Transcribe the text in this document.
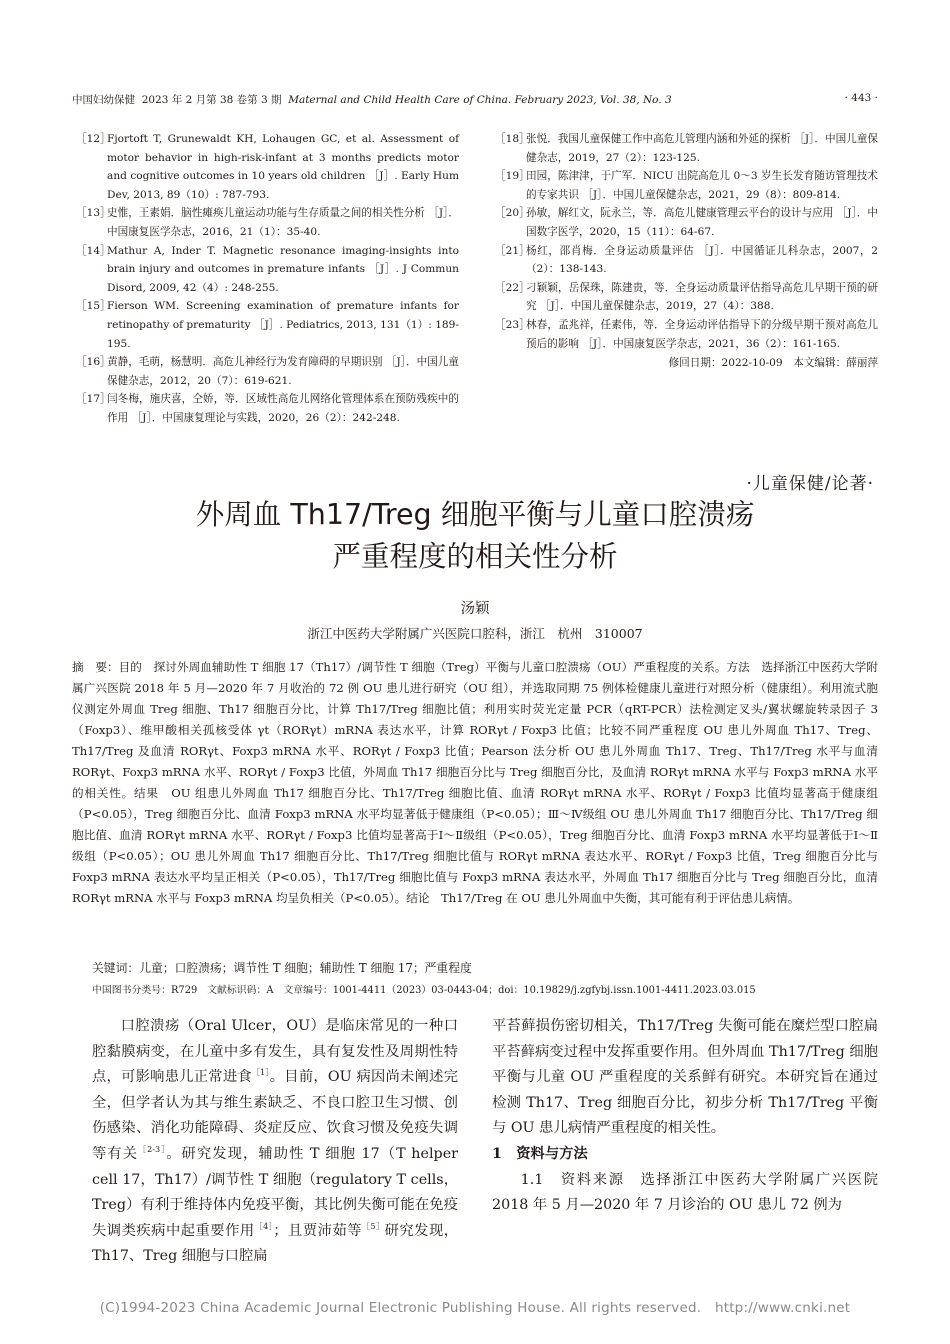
中国妇幼保健 2023 年 2 月第 38 卷第 3 期 Maternal and Child Health Care of China. February 2023, Vol. 38, No. 3	· 443 ·
［12］
Fjortoft T, Grunewaldt KH, Lohaugen GC, et al. Assessment of motor behavior in high-risk-infant at 3 months predicts motor and cognitive outcomes in 10 years old children ［J］. Early Hum Dev, 2013, 89（10）: 787-793.
［13］
史惟，王素娟．脑性瘫痪儿童运动功能与生存质量之间的相关性分析 ［J］．中国康复医学杂志，2016，21（1）：35-40.
［14］
Mathur A, Inder T. Magnetic resonance imaging-insights into brain injury and outcomes in premature infants ［J］. J Commun Disord, 2009, 42（4）: 248-255.
［15］
Fierson WM. Screening examination of premature infants for retinopathy of prematurity ［J］. Pediatrics, 2013, 131（1）: 189-195.
［16］
黄静，毛萌，杨慧明．高危儿神经行为发育障碍的早期识别 ［J］．中国儿童保健杂志，2012，20（7）：619-621.
［17］
闫冬梅，施庆喜，仝娇，等．区域性高危儿网络化管理体系在预防残疾中的作用 ［J］．中国康复理论与实践，2020，26（2）：242-248.
［18］
张悦．我国儿童保健工作中高危儿管理内涵和外延的探析 ［J］．中国儿童保健杂志，2019，27（2）：123-125.
［19］
田园，陈津津，于广军．NICU 出院高危儿 0～3 岁生长发育随访管理技术的专家共识 ［J］．中国儿童保健杂志，2021，29（8）：809-814.
［20］
孙敏，解红文，阮永兰，等．高危儿健康管理云平台的设计与应用 ［J］．中国数字医学，2020，15（11）：64-67.
［21］
杨红，邵肖梅．全身运动质量评估 ［J］．中国循证儿科杂志，2007，2（2）：138-143.
［22］
刁颖颖，岳保珠，陈建贵，等．全身运动质量评估指导高危儿早期干预的研究 ［J］．中国儿童保健杂志，2019，27（4）：388.
［23］
林春，孟兆祥，任素伟，等．全身运动评估指导下的分级早期干预对高危儿预后的影响 ［J］．中国康复医学杂志，2021，36（2）：161-165.
修回日期：2022-10-09　本文编辑：薛丽萍
·儿童保健/论著·
外周血 Th17/Treg 细胞平衡与儿童口腔溃疡
严重程度的相关性分析
汤颖
浙江中医药大学附属广兴医院口腔科，浙江　杭州　310007
摘　要：目的　探讨外周血辅助性 T 细胞 17（Th17）/调节性 T 细胞（Treg）平衡与儿童口腔溃疡（OU）严重程度的关系。方法　选择浙江中医药大学附属广兴医院 2018 年 5 月—2020 年 7 月收治的 72 例 OU 患儿进行研究（OU 组），并选取同期 75 例体检健康儿童进行对照分析（健康组）。利用流式胞仪测定外周血 Treg 细胞、Th17 细胞百分比，计算 Th17/Treg 细胞比值；利用实时荧光定量 PCR（qRT-PCR）法检测定叉头/翼状螺旋转录因子 3（Foxp3）、维甲酸相关孤核受体 γt（RORγt）mRNA 表达水平，计算 RORγt / Foxp3 比值；比较不同严重程度 OU 患儿外周血 Th17、Treg、Th17/Treg 及血清 RORγt、Foxp3 mRNA 水平、RORγt / Foxp3 比值；Pearson 法分析 OU 患儿外周血 Th17、Treg、Th17/Treg 水平与血清 RORγt、Foxp3 mRNA 水平、RORγt / Foxp3 比值，外周血 Th17 细胞百分比与 Treg 细胞百分比，及血清 RORγt mRNA 水平与 Foxp3 mRNA 水平的相关性。结果　OU 组患儿外周血 Th17 细胞百分比、Th17/Treg 细胞比值、血清 RORγt mRNA 水平、RORγt / Foxp3 比值均显著高于健康组（P<0.05），Treg 细胞百分比、血清 Foxp3 mRNA 水平均显著低于健康组（P<0.05）；Ⅲ～Ⅳ级组 OU 患儿外周血 Th17 细胞百分比、Th17/Treg 细胞比值、血清 RORγt mRNA 水平、RORγt / Foxp3 比值均显著高于Ⅰ～Ⅱ级组（P<0.05），Treg 细胞百分比、血清 Foxp3 mRNA 水平均显著低于Ⅰ～Ⅱ级组（P<0.05）；OU 患儿外周血 Th17 细胞百分比、Th17/Treg 细胞比值与 RORγt mRNA 表达水平、RORγt / Foxp3 比值，Treg 细胞百分比与 Foxp3 mRNA 表达水平均呈正相关（P<0.05），Th17/Treg 细胞比值与 Foxp3 mRNA 表达水平，外周血 Th17 细胞百分比与 Treg 细胞百分比，血清 RORγt mRNA 水平与 Foxp3 mRNA 均呈负相关（P<0.05）。结论　Th17/Treg 在 OU 患儿外周血中失衡，其可能有利于评估患儿病情。
关键词：儿童；口腔溃疡；调节性 T 细胞；辅助性 T 细胞 17；严重程度
中国图书分类号：R729　文献标识码：A　文章编号：1001-4411（2023）03-0443-04；doi：10.19829/j.zgfybj.issn.1001-4411.2023.03.015

口腔溃疡（Oral Ulcer，OU）是临床常见的一种口腔黏膜病变，在儿童中多有发生，具有复发性及周期性特点，可影响患儿正常进食$^{[1]}$。目前，OU 病因尚未阐述完全，但学者认为其与维生素缺乏、不良口腔卫生习惯、创伤感染、消化功能障碍、炎症反应、饮食习惯及免疫失调等有关$^{[2-3]}$。研究发现，辅助性 T 细胞 17（T helper cell 17，Th17）/调节性 T 细胞（regulatory T cells，Treg）有利于维持体内免疫平衡，其比例失衡可能在免疫失调类疾病中起重要作用$^{[4]}$；且贾沛茹等$^{[5]}$研究发现，Th17、Treg 细胞与口腔扁

平苔藓损伤密切相关，Th17/Treg 失衡可能在糜烂型口腔扁平苔藓病变过程中发挥重要作用。但外周血 Th17/Treg 细胞平衡与儿童 OU 严重程度的关系鲜有研究。本研究旨在通过检测 Th17、Treg 细胞百分比，初步分析 Th17/Treg 平衡与 OU 患儿病情严重程度的相关性。

1　资料与方法

1.1　资料来源　选择浙江中医药大学附属广兴医院 2018 年 5 月—2020 年 7 月诊治的 OU 患儿 72 例为

(C)1994-2023 China Academic Journal Electronic Publishing House. All rights reserved.　http://www.cnki.net
